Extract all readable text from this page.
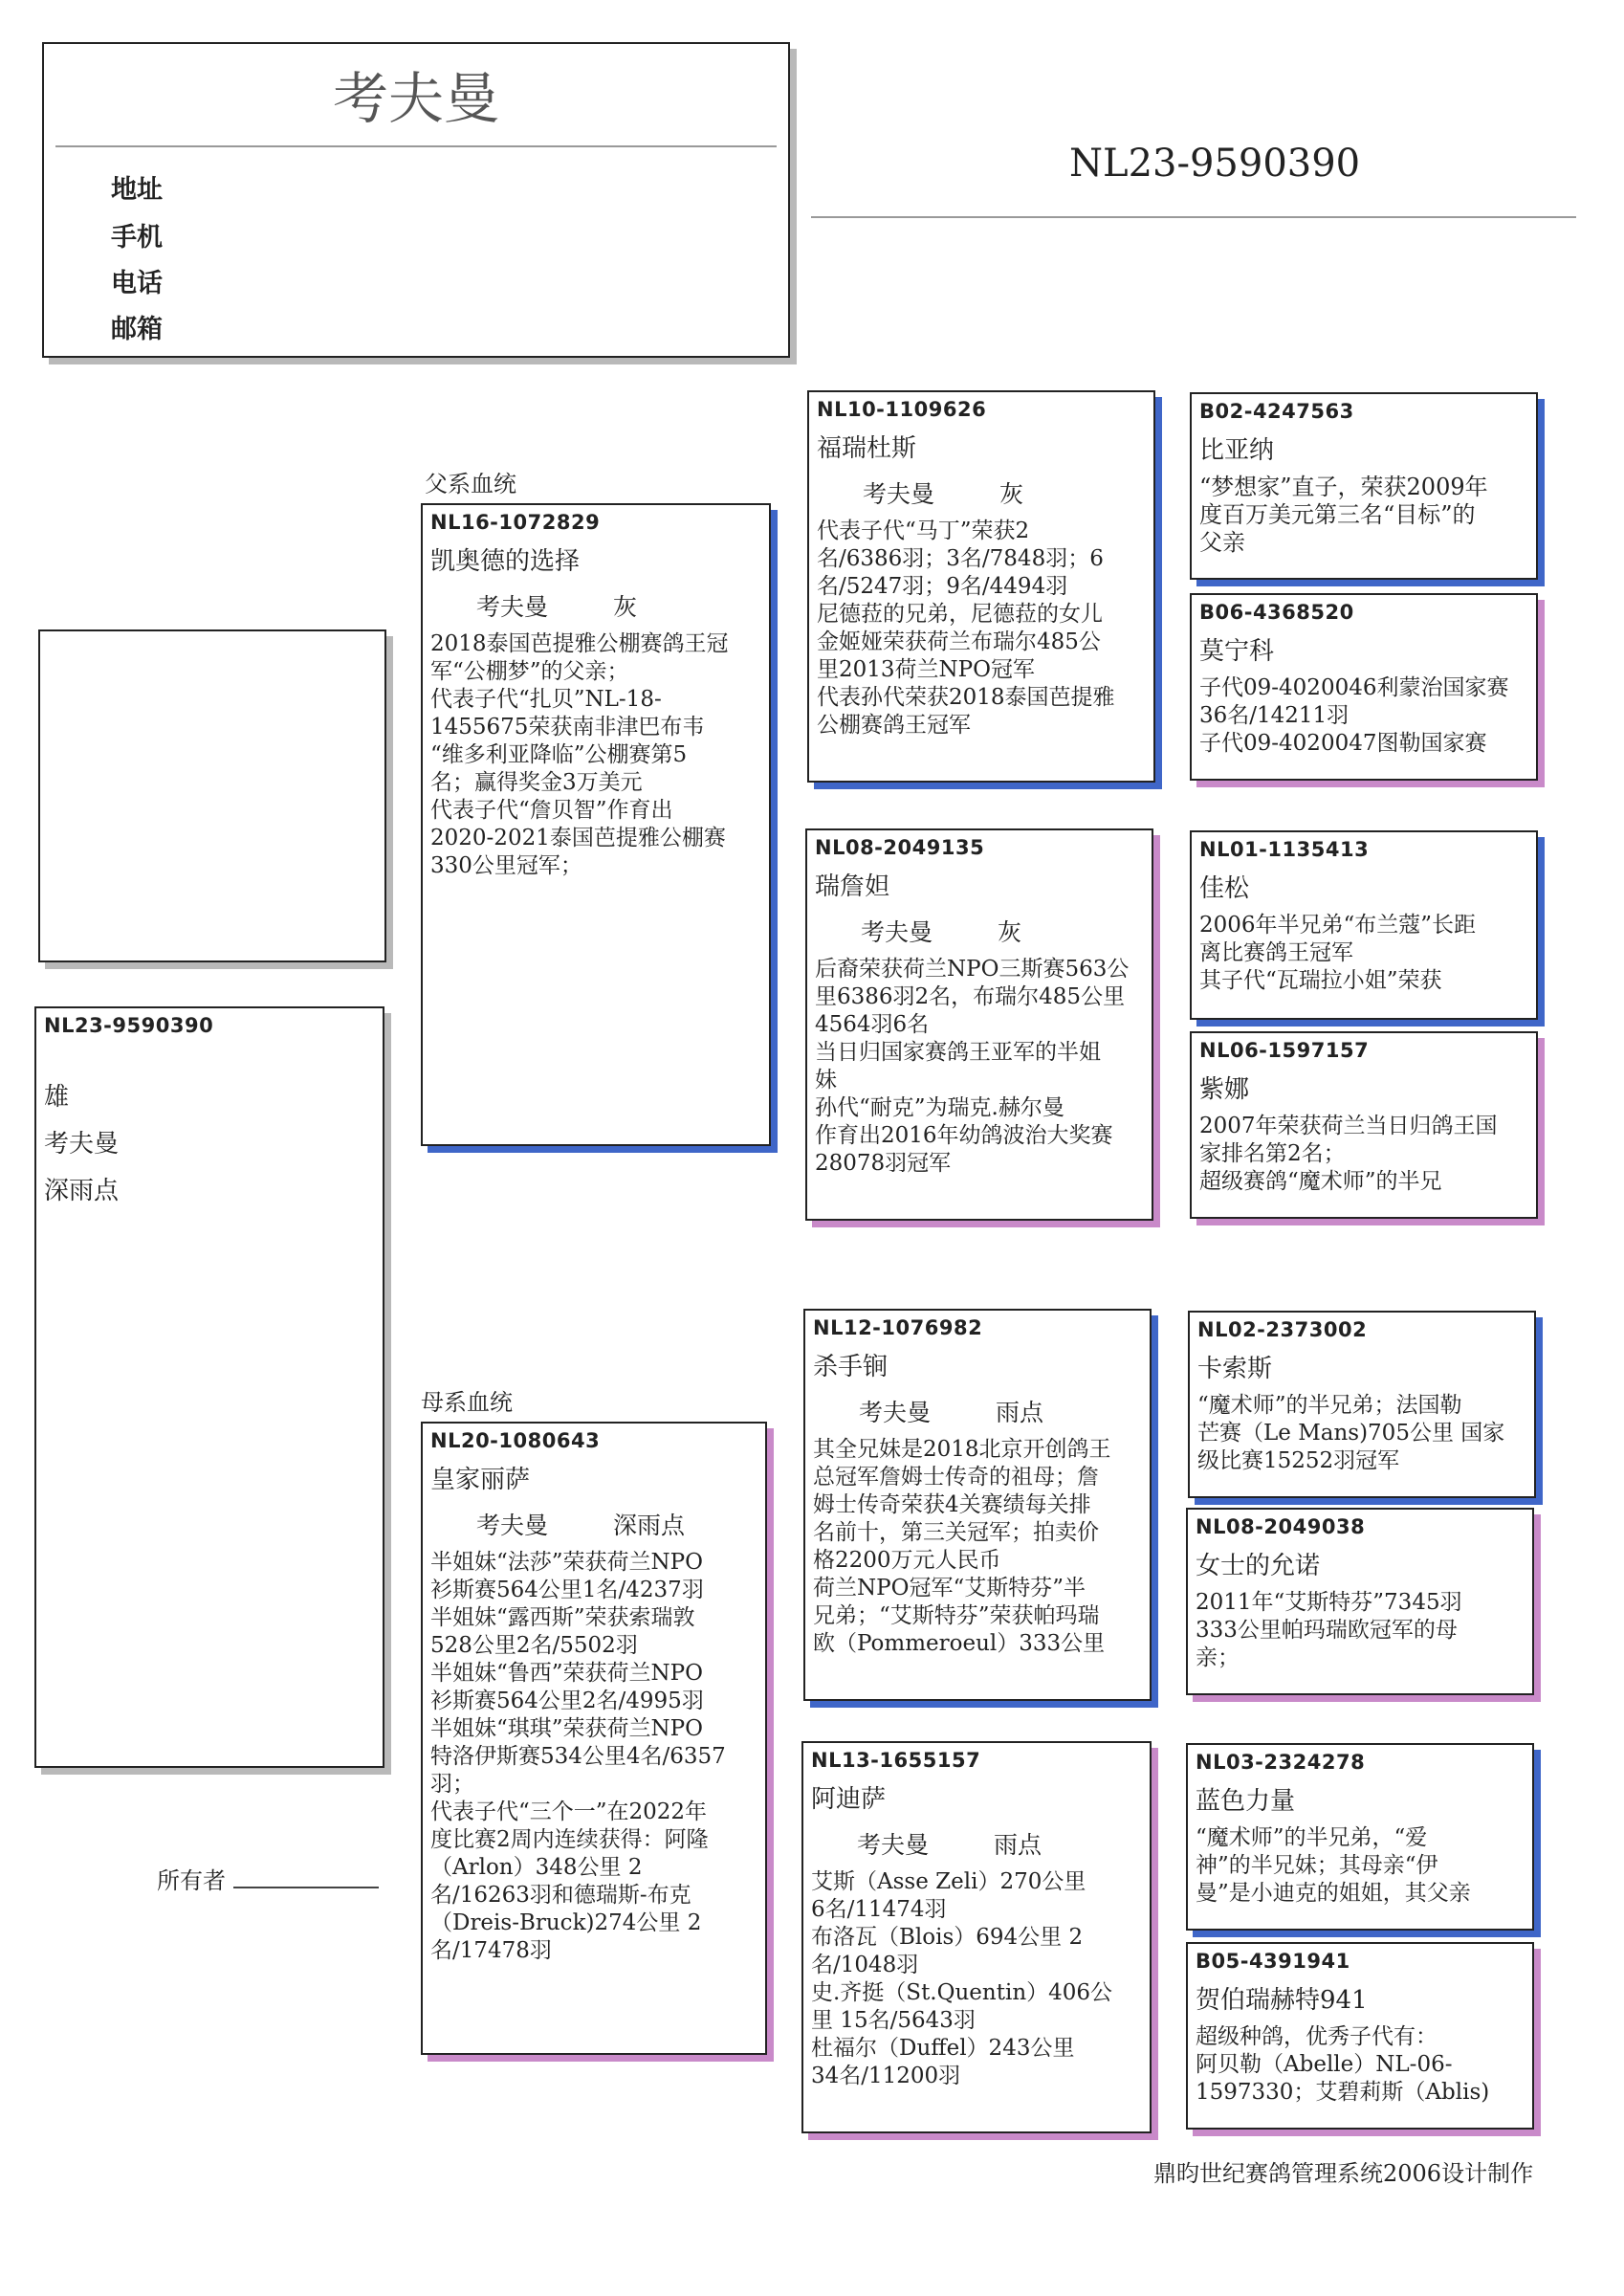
考夫曼
地址
手机
电话
邮箱
NL23-9590390
NL23-9590390
雄
考夫曼
深雨点
所有者
父系血统
母系血统
NL16-1072829
凯奥德的选择
考夫曼	灰
2018泰国芭提雅公棚赛鸽王冠
军“公棚梦”的父亲；
代表子代“扎贝”NL-18-
1455675荣获南非津巴布韦
“维多利亚降临”公棚赛第5
名；赢得奖金3万美元
代表子代“詹贝智”作育出
2020-2021泰国芭提雅公棚赛
330公里冠军；
NL20-1080643
皇家丽萨
考夫曼	深雨点
半姐妹“法莎”荣获荷兰NPO
衫斯赛564公里1名/4237羽
半姐妹“露西斯”荣获索瑞敦
528公里2名/5502羽
半姐妹“鲁西”荣获荷兰NPO
衫斯赛564公里2名/4995羽
半姐妹“琪琪”荣获荷兰NPO
特洛伊斯赛534公里4名/6357
羽；
代表子代“三个一”在2022年
度比赛2周内连续获得：阿隆
（Arlon）348公里 2
名/16263羽和德瑞斯-布克
（Dreis-Bruck)274公里 2
名/17478羽
NL10-1109626
福瑞杜斯
考夫曼	灰
代表子代“马丁”荣获2
名/6386羽；3名/7848羽；6
名/5247羽；9名/4494羽
尼德菈的兄弟，尼德菈的女儿
金姬娅荣获荷兰布瑞尔485公
里2013荷兰NPO冠军
代表孙代荣获2018泰国芭提雅
公棚赛鸽王冠军
NL08-2049135
瑞詹妲
考夫曼	灰
后裔荣获荷兰NPO三斯赛563公
里6386羽2名，布瑞尔485公里
4564羽6名
当日归国家赛鸽王亚军的半姐
妹
孙代“耐克”为瑞克.赫尔曼
作育出2016年幼鸽波治大奖赛
28078羽冠军
NL12-1076982
杀手锏
考夫曼	雨点
其全兄妹是2018北京开创鸽王
总冠军詹姆士传奇的祖母；詹
姆士传奇荣获4关赛绩每关排
名前十，第三关冠军；拍卖价
格2200万元人民币
荷兰NPO冠军“艾斯特芬”半
兄弟；“艾斯特芬”荣获帕玛瑞
欧（Pommeroeul）333公里
NL13-1655157
阿迪萨
考夫曼	雨点
艾斯（Asse Zeli）270公里
6名/11474羽
布洛瓦（Blois）694公里 2
名/1048羽
史.齐挺（St.Quentin）406公
里 15名/5643羽
杜福尔（Duffel）243公里
34名/11200羽
B02-4247563
比亚纳
“梦想家”直子，荣获2009年
度百万美元第三名“目标”的
父亲
B06-4368520
莫宁科
子代09-4020046利蒙治国家赛
36名/14211羽
子代09-4020047图勒国家赛
NL01-1135413
佳松
2006年半兄弟“布兰蔻”长距
离比赛鸽王冠军
其子代“瓦瑞拉小姐”荣获
NL06-1597157
紫娜
2007年荣获荷兰当日归鸽王国
家排名第2名；
超级赛鸽“魔术师”的半兄
NL02-2373002
卡索斯
“魔术师”的半兄弟；法国勒
芒赛（Le Mans)705公里 国家
级比赛15252羽冠军
NL08-2049038
女士的允诺
2011年“艾斯特芬”7345羽
333公里帕玛瑞欧冠军的母
亲；
NL03-2324278
蓝色力量
“魔术师”的半兄弟，“爱
神”的半兄妹；其母亲“伊
曼”是小迪克的姐姐，其父亲
B05-4391941
贺伯瑞赫特941
超级种鸽，优秀子代有：
阿贝勒（Abelle）NL-06-
1597330；艾碧莉斯（Ablis)
鼎昀世纪赛鸽管理系统2006设计制作
